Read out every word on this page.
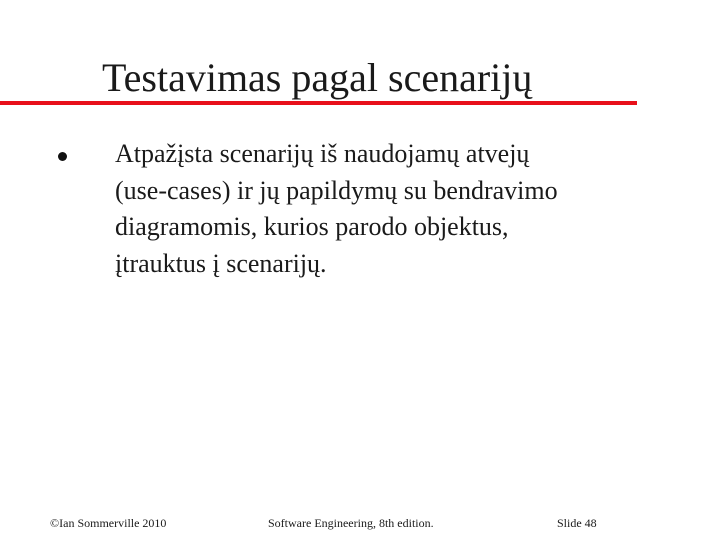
Testavimas pagal scenarijų
Atpažįsta scenarijų iš naudojamų atvejų
(use-cases) ir jų papildymų su bendravimo
diagramomis, kurios parodo objektus,
įtrauktus į scenarijų.
©Ian Sommerville 2010	Software Engineering, 8th edition.	Slide 48
